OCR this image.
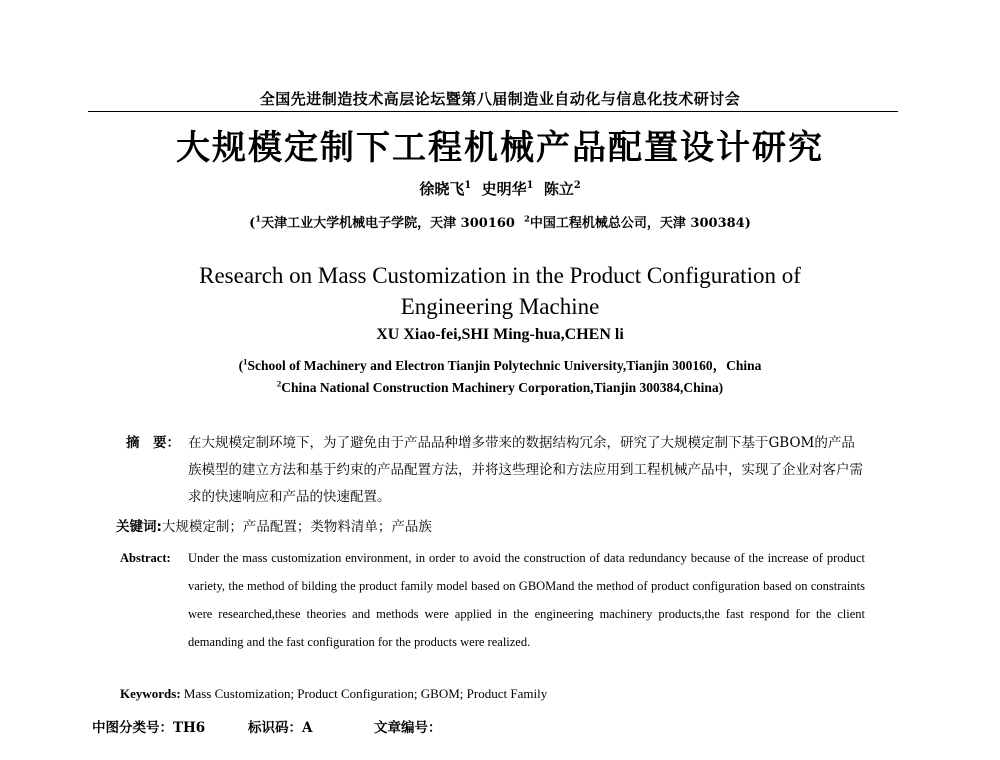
全国先进制造技术高层论坛暨第八届制造业自动化与信息化技术研讨会
大规模定制下工程机械产品配置设计研究
徐晓飞$^1$ 史明华$^1$ 陈立$^2$
($^1$天津工业大学机械电子学院，天津 300160 $^2$中国工程机械总公司，天津 300384)
Research on Mass Customization in the Product Configuration of
Engineering Machine
XU Xiao-fei,SHI Ming-hua,CHEN li
($^1$School of Machinery and Electron Tianjin Polytechnic University,Tianjin 300160，China
$^2$China National Construction Machinery Corporation,Tianjin 300384,China)
摘　要： 在大规模定制环境下，为了避免由于产品品种增多带来的数据结构冗余，研究了大规模定制下基于GBOM的产品族模型的建立方法和基于约束的产品配置方法，并将这些理论和方法应用到工程机械产品中，实现了企业对客户需求的快速响应和产品的快速配置。
关键词:大规模定制；产品配置；类物料清单；产品族
Abstract: Under the mass customization environment, in order to avoid the construction of data redundancy because of the increase of product variety, the method of bilding the product family model based on GBOMand the method of product configuration based on constraints were researched,these theories and methods were applied in the engineering machinery products,the fast respond for the client demanding and the fast configuration for the products were realized.
Keywords: Mass Customization; Product Configuration; GBOM; Product Family
中图分类号：TH6	标识码：A	文章编号：
